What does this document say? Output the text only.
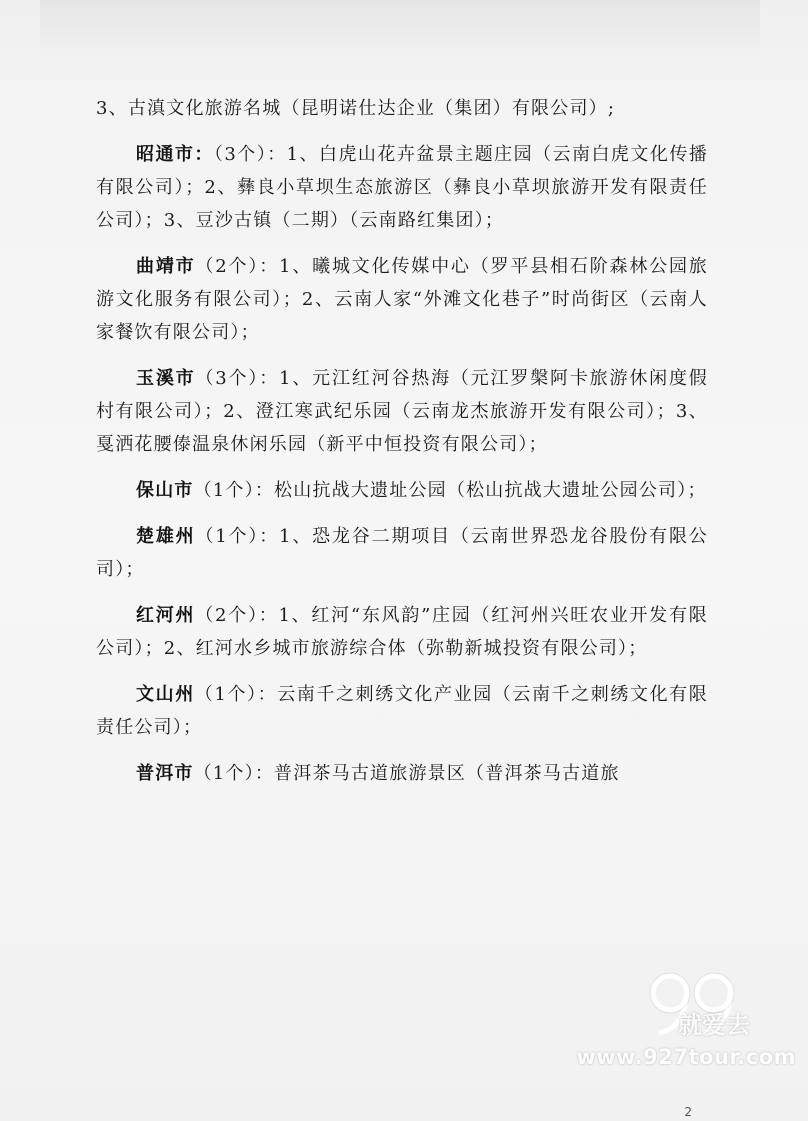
3、古滇文化旅游名城（昆明诺仕达企业（集团）有限公司）;

昭通市：（3个）：1、白虎山花卉盆景主题庄园（云南白虎文化传播有限公司）；2、彝良小草坝生态旅游区（彝良小草坝旅游开发有限责任公司）；3、豆沙古镇（二期）（云南路红集团）；

曲靖市（2个）：1、曦城文化传媒中心（罗平县相石阶森林公园旅游文化服务有限公司）；2、云南人家“外滩文化巷子”时尚街区（云南人家餐饮有限公司）；

玉溪市（3个）：1、元江红河谷热海（元江罗槃阿卡旅游休闲度假村有限公司）；2、澄江寒武纪乐园（云南龙杰旅游开发有限公司）；3、戛洒花腰傣温泉休闲乐园（新平中恒投资有限公司）；

保山市（1个）：松山抗战大遗址公园（松山抗战大遗址公园公司）；

楚雄州（1个）：1、恐龙谷二期项目（云南世界恐龙谷股份有限公司）；

红河州（2个）：1、红河“东风韵”庄园（红河州兴旺农业开发有限公司）；2、红河水乡城市旅游综合体（弥勒新城投资有限公司）；

文山州（1个）：云南千之刺绣文化产业园（云南千之刺绣文化有限责任公司）；

普洱市（1个）：普洱茶马古道旅游景区（普洱茶马古道旅

就爱去
www.927tour.com
2
